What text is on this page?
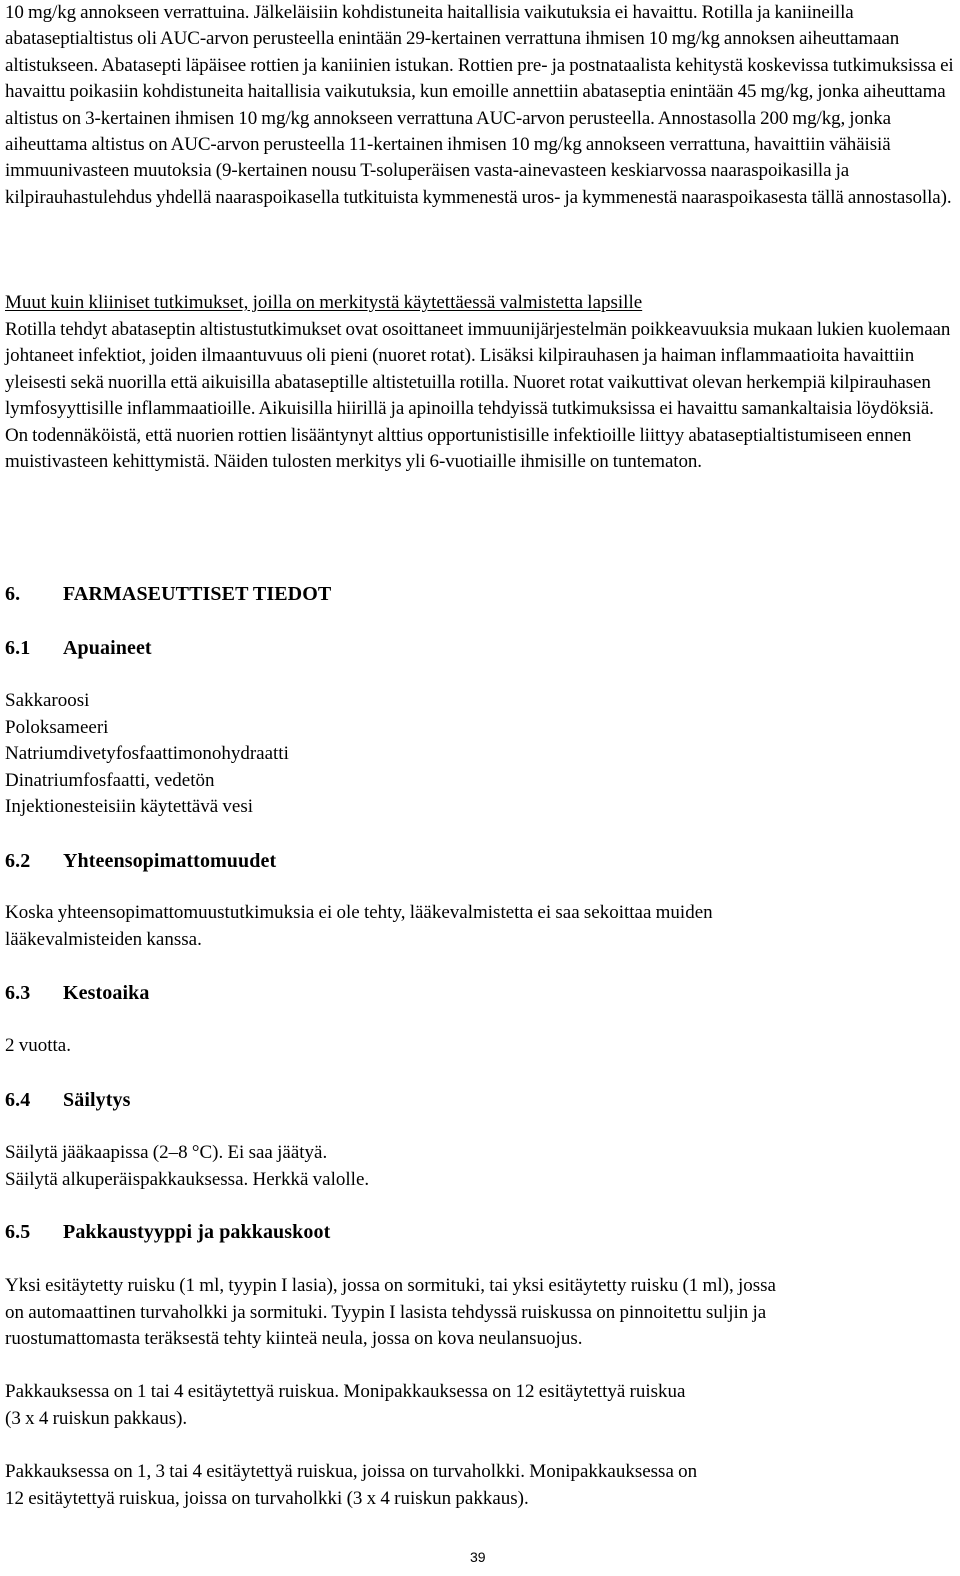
10 mg/kg annokseen verrattuina. Jälkeläisiin kohdistuneita haitallisia vaikutuksia ei havaittu. Rotilla ja kaniineilla abataseptialtistus oli AUC-arvon perusteella enintään 29-kertainen verrattuna ihmisen 10 mg/kg annoksen aiheuttamaan altistukseen. Abatasepti läpäisee rottien ja kaniinien istukan. Rottien pre- ja postnataalista kehitystä koskevissa tutkimuksissa ei havaittu poikasiin kohdistuneita haitallisia vaikutuksia, kun emoille annettiin abataseptia enintään 45 mg/kg, jonka aiheuttama altistus on 3-kertainen ihmisen 10 mg/kg annokseen verrattuna AUC-arvon perusteella. Annostasolla 200 mg/kg, jonka aiheuttama altistus on AUC-arvon perusteella 11-kertainen ihmisen 10 mg/kg annokseen verrattuna, havaittiin vähäisiä immuunivasteen muutoksia (9-kertainen nousu T-soluperäisen vasta-ainevasteen keskiarvossa naaraspoikasilla ja kilpirauhastulehdus yhdellä naaraspoikasella tutkituista kymmenestä uros- ja kymmenestä naaraspoikasesta tällä annostasolla).

Muut kuin kliiniset tutkimukset, joilla on merkitystä käytettäessä valmistetta lapsille

Rotilla tehdyt abataseptin altistustutkimukset ovat osoittaneet immuunijärjestelmän poikkeavuuksia mukaan lukien kuolemaan johtaneet infektiot, joiden ilmaantuvuus oli pieni (nuoret rotat). Lisäksi kilpirauhasen ja haiman inflammaatioita havaittiin yleisesti sekä nuorilla että aikuisilla abataseptille altistetuilla rotilla. Nuoret rotat vaikuttivat olevan herkempiä kilpirauhasen lymfosyyttisille inflammaatioille. Aikuisilla hiirillä ja apinoilla tehdyissä tutkimuksissa ei havaittu samankaltaisia löydöksiä. On todennäköistä, että nuorien rottien lisääntynyt alttius opportunistisille infektioille liittyy abataseptialtistumiseen ennen muistivasteen kehittymistä. Näiden tulosten merkitys yli 6-vuotiaille ihmisille on tuntematon.

6. FARMASEUTTISET TIEDOT
6.1 Apuaineet
Sakkaroosi
Poloksameeri
Natriumdivetyfosfaattimonohydraatti
Dinatriumfosfaatti, vedetön
Injektionesteisiin käytettävä vesi
6.2 Yhteensopimattomuudet
Koska yhteensopimattomuustutkimuksia ei ole tehty, lääkevalmistetta ei saa sekoittaa muiden
lääkevalmisteiden kanssa.
6.3 Kestoaika
2 vuotta.
6.4 Säilytys
Säilytä jääkaapissa (2–8 °C). Ei saa jäätyä.
Säilytä alkuperäispakkauksessa. Herkkä valolle.
6.5 Pakkaustyyppi ja pakkauskoot
Yksi esitäytetty ruisku (1 ml, tyypin I lasia), jossa on sormituki, tai yksi esitäytetty ruisku (1 ml), jossa
on automaattinen turvaholkki ja sormituki. Tyypin I lasista tehdyssä ruiskussa on pinnoitettu suljin ja
ruostumattomasta teräksestä tehty kiinteä neula, jossa on kova neulansuojus.
Pakkauksessa on 1 tai 4 esitäytettyä ruiskua. Monipakkauksessa on 12 esitäytettyä ruiskua
(3 x 4 ruiskun pakkaus).
Pakkauksessa on 1, 3 tai 4 esitäytettyä ruiskua, joissa on turvaholkki. Monipakkauksessa on
12 esitäytettyä ruiskua, joissa on turvaholkki (3 x 4 ruiskun pakkaus).
39
